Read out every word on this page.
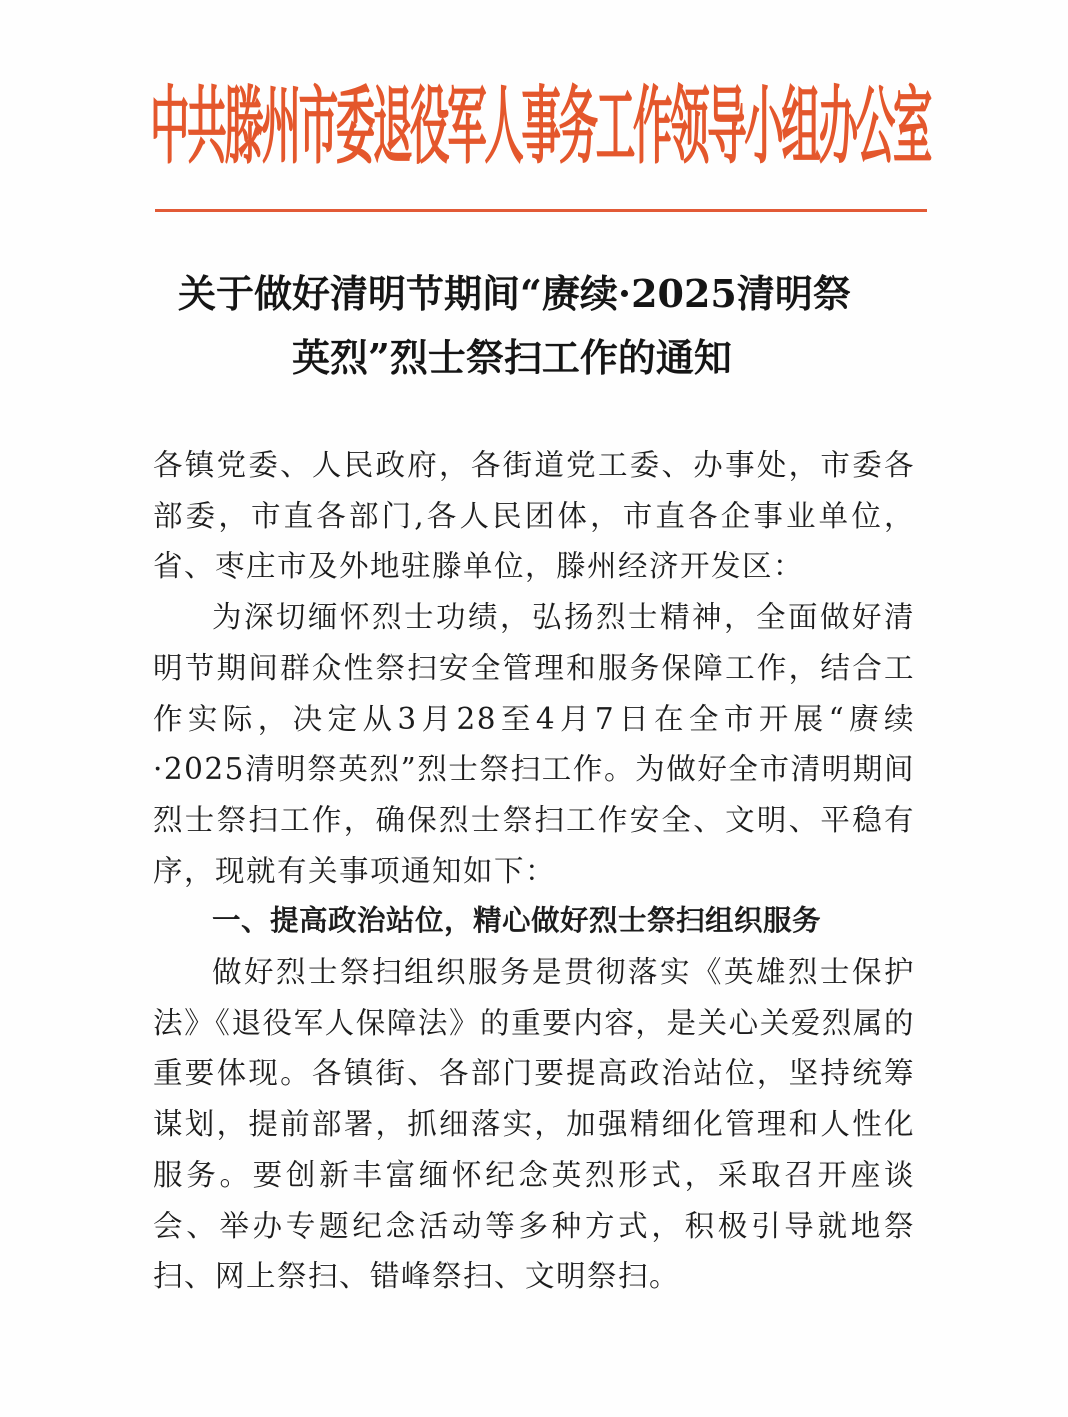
中共滕州市委退役军人事务工作领导小组办公室
关于做好清明节期间“赓续·2025清明祭
英烈”烈士祭扫工作的通知

各镇党委、人民政府，各街道党工委、办事处，市委各部委，市直各部门,各人民团体，市直各企事业单位，省、枣庄市及外地驻滕单位，滕州经济开发区：

为深切缅怀烈士功绩，弘扬烈士精神，全面做好清明节期间群众性祭扫安全管理和服务保障工作，结合工作实际，决定从3月28至4月7日在全市开展“赓续·2025清明祭英烈”烈士祭扫工作。为做好全市清明期间烈士祭扫工作，确保烈士祭扫工作安全、文明、平稳有序，现就有关事项通知如下：

一、提高政治站位，精心做好烈士祭扫组织服务

做好烈士祭扫组织服务是贯彻落实《英雄烈士保护法》《退役军人保障法》的重要内容，是关心关爱烈属的重要体现。各镇街、各部门要提高政治站位，坚持统筹谋划，提前部署，抓细落实，加强精细化管理和人性化服务。要创新丰富缅怀纪念英烈形式，采取召开座谈会、举办专题纪念活动等多种方式，积极引导就地祭扫、网上祭扫、错峰祭扫、文明祭扫。
